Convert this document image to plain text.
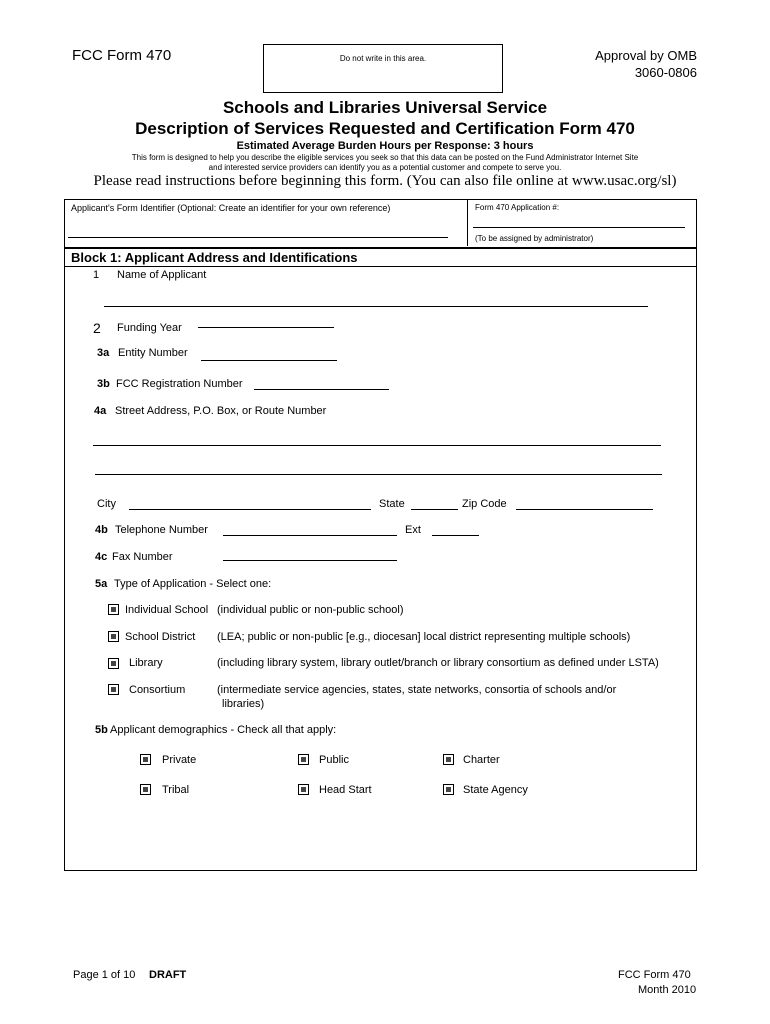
FCC Form 470	Do not write in this area.	Approval by OMB
3060-0806
Schools and Libraries Universal Service
Description of Services Requested and Certification Form 470
Estimated Average Burden Hours per Response: 3 hours
This form is designed to help you describe the eligible services you seek so that this data can be posted on the Fund Administrator Internet Site
and interested service providers can identify you as a potential customer and compete to serve you.
Please read instructions before beginning this form. (You can also file online at www.usac.org/sl)
Applicant's Form Identifier (Optional: Create an identifier for your own reference)	Form 470 Application #:
(To be assigned by administrator)
Block 1: Applicant Address and Identifications
1 Name of Applicant
2 Funding Year
3a Entity Number
3b FCC Registration Number
4a Street Address, P.O. Box, or Route Number
City	State	Zip Code
4b Telephone Number	Ext
4c Fax Number
5a Type of Application - Select one:
Individual School (individual public or non-public school)
School District (LEA; public or non-public [e.g., diocesan] local district representing multiple schools)
Library	(including library system, library outlet/branch or library consortium as defined under LSTA)
Consortium	(intermediate service agencies, states, state networks, consortia of schools and/or
libraries)
5b Applicant demographics - Check all that apply:
Private	Public	Charter
Tribal	Head Start	State Agency
Page 1 of 10 DRAFT	FCC Form 470
Month 2010
